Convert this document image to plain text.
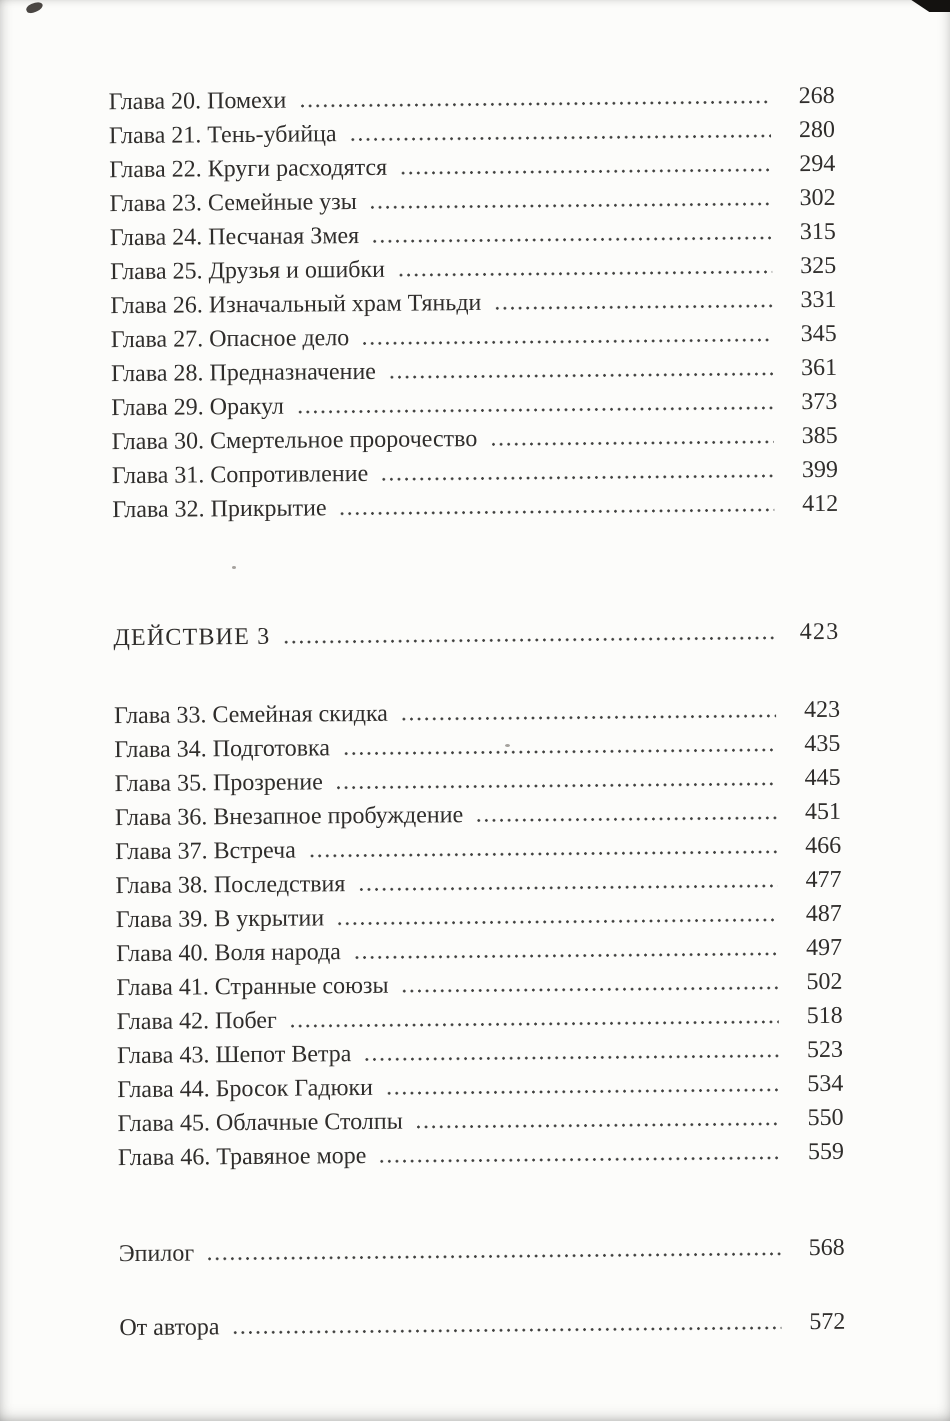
Глава 20. Помехи	268
Глава 21. Тень-убийца	280
Глава 22. Круги расходятся	294
Глава 23. Семейные узы	302
Глава 24. Песчаная Змея	315
Глава 25. Друзья и ошибки	325
Глава 26. Изначальный храм Тяньди	331
Глава 27. Опасное дело	345
Глава 28. Предназначение	361
Глава 29. Оракул	373
Глава 30. Смертельное пророчество	385
Глава 31. Сопротивление	399
Глава 32. Прикрытие	412
ДЕЙСТВИЕ 3	423
Глава 33. Семейная скидка	423
Глава 34. Подготовка	435
Глава 35. Прозрение	445
Глава 36. Внезапное пробуждение	451
Глава 37. Встреча	466
Глава 38. Последствия	477
Глава 39. В укрытии	487
Глава 40. Воля народа	497
Глава 41. Странные союзы	502
Глава 42. Побег	518
Глава 43. Шепот Ветра	523
Глава 44. Бросок Гадюки	534
Глава 45. Облачные Столпы	550
Глава 46. Травяное море	559
Эпилог	568
От автора	572
